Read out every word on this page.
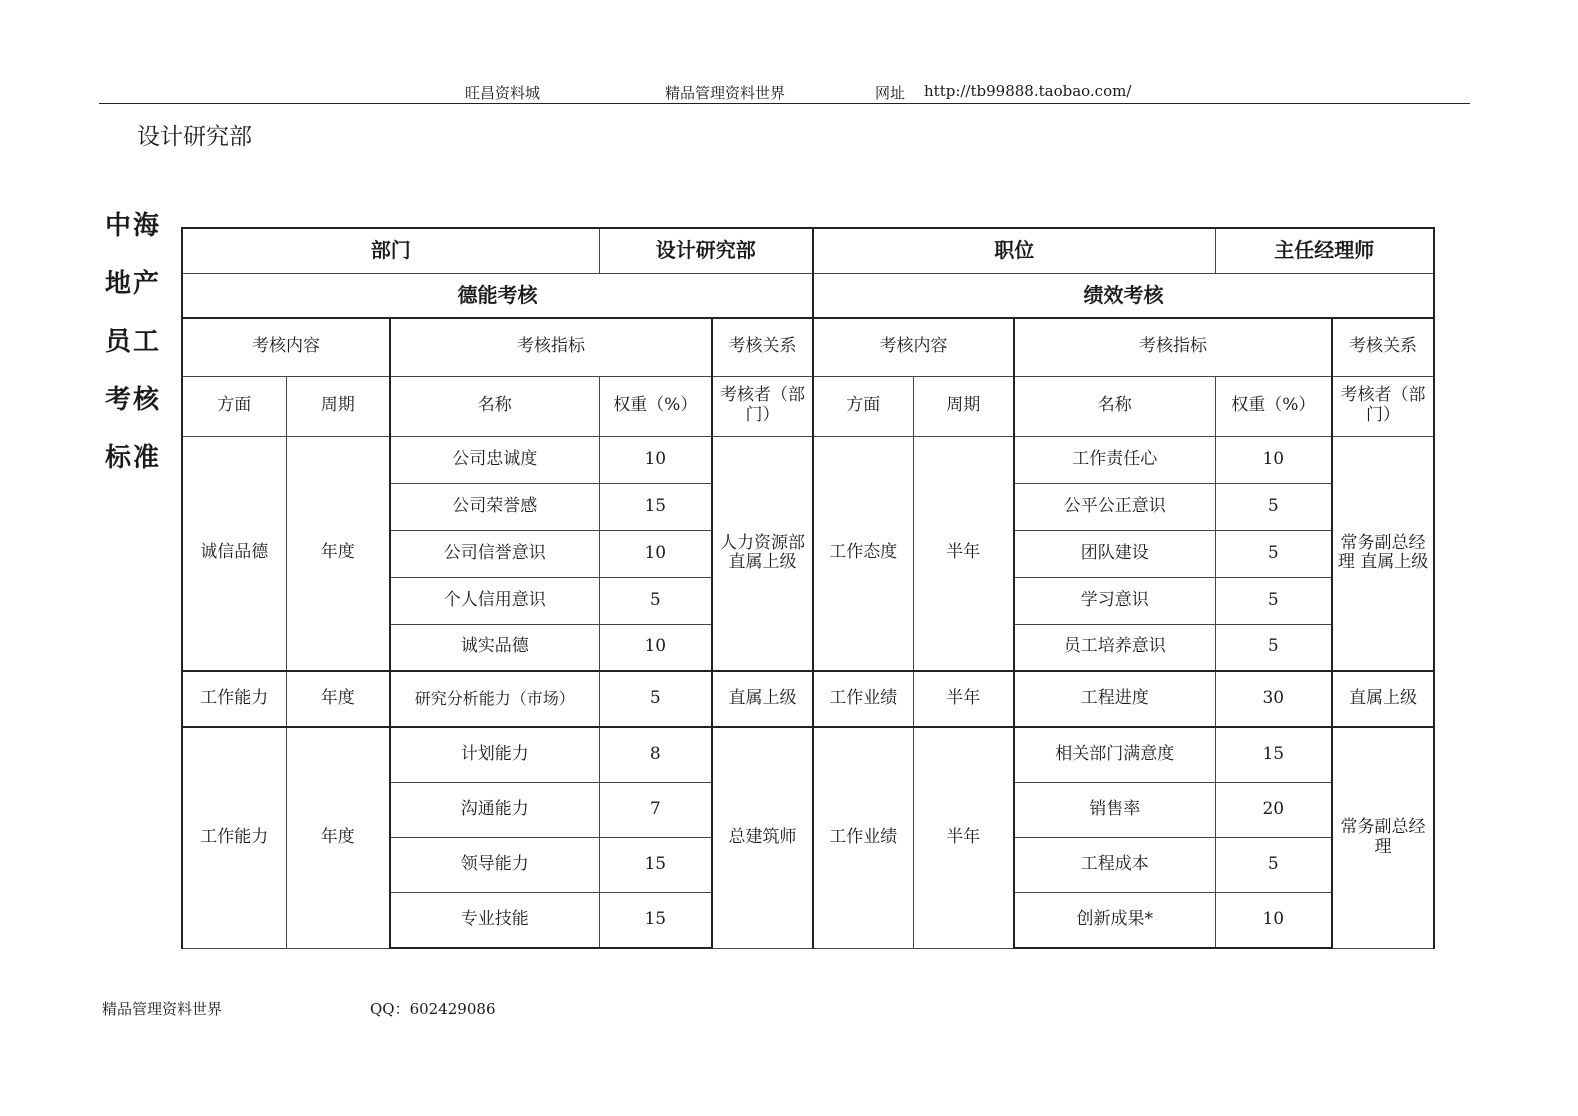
旺昌资料城	精品管理资料世界	网址 http://tb99888.taobao.com/
设计研究部
中海
地产
员工
考核
标准
部门			设计研究部		职位			主任经理师	
德能考核					绩效考核				
考核内容		考核指标		考核关系	考核内容		考核指标		考核关系
方面	周期	名称	权重（%）	考核者（部门）	方面	周期	名称	权重（%）	考核者（部门）
诚信品德	年度	公司忠诚度	10	人力资源部 直属上级	工作态度	半年	工作责任心	10	常务副总经理 直属上级
		公司荣誉感	15				公平公正意识	5	
		公司信誉意识	10				团队建设	5	
		个人信用意识	5				学习意识	5	
		诚实品德	10				员工培养意识	5	
工作能力	年度	研究分析能力（市场）	5	直属上级	工作业绩	半年	工程进度	30	直属上级
工作能力	年度	计划能力	8	总建筑师	工作业绩	半年	相关部门满意度	15	常务副总经理
		沟通能力	7				销售率	20	
		领导能力	15				工程成本	5	
		专业技能	15				创新成果*	10	
精品管理资料世界	QQ：602429086
